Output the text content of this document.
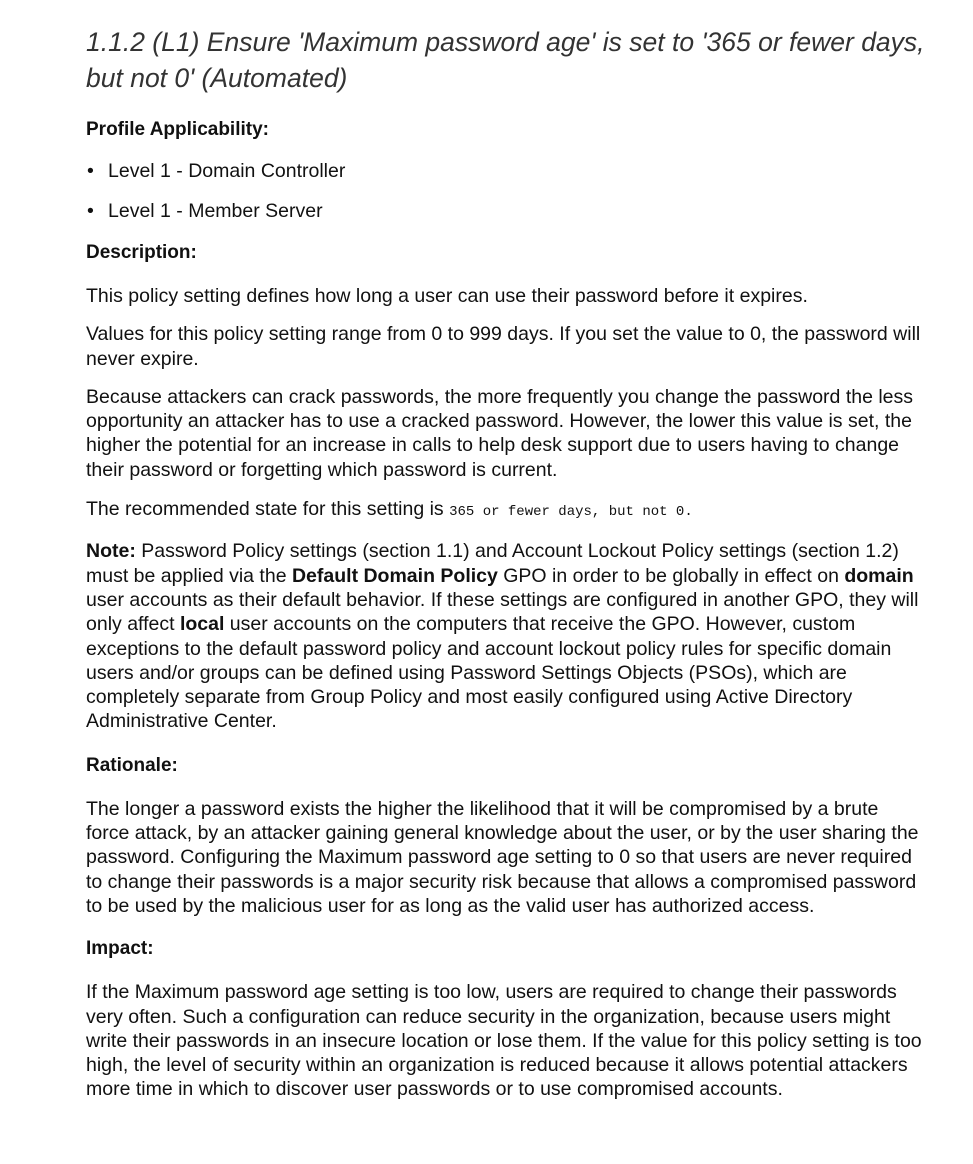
1.1.2 (L1) Ensure 'Maximum password age' is set to '365 or fewer days, but not 0' (Automated)
Profile Applicability:
• Level 1 - Domain Controller
• Level 1 - Member Server
Description:

This policy setting defines how long a user can use their password before it expires.

Values for this policy setting range from 0 to 999 days. If you set the value to 0, the password will never expire.

Because attackers can crack passwords, the more frequently you change the password the less opportunity an attacker has to use a cracked password. However, the lower this value is set, the higher the potential for an increase in calls to help desk support due to users having to change their password or forgetting which password is current.

The recommended state for this setting is 365 or fewer days, but not 0.

Note: Password Policy settings (section 1.1) and Account Lockout Policy settings (section 1.2) must be applied via the Default Domain Policy GPO in order to be globally in effect on domain user accounts as their default behavior. If these settings are configured in another GPO, they will only affect local user accounts on the computers that receive the GPO. However, custom exceptions to the default password policy and account lockout policy rules for specific domain users and/or groups can be defined using Password Settings Objects (PSOs), which are completely separate from Group Policy and most easily configured using Active Directory Administrative Center.

Rationale:

The longer a password exists the higher the likelihood that it will be compromised by a brute force attack, by an attacker gaining general knowledge about the user, or by the user sharing the password. Configuring the Maximum password age setting to 0 so that users are never required to change their passwords is a major security risk because that allows a compromised password to be used by the malicious user for as long as the valid user has authorized access.

Impact:

If the Maximum password age setting is too low, users are required to change their passwords very often. Such a configuration can reduce security in the organization, because users might write their passwords in an insecure location or lose them. If the value for this policy setting is too high, the level of security within an organization is reduced because it allows potential attackers more time in which to discover user passwords or to use compromised accounts.
